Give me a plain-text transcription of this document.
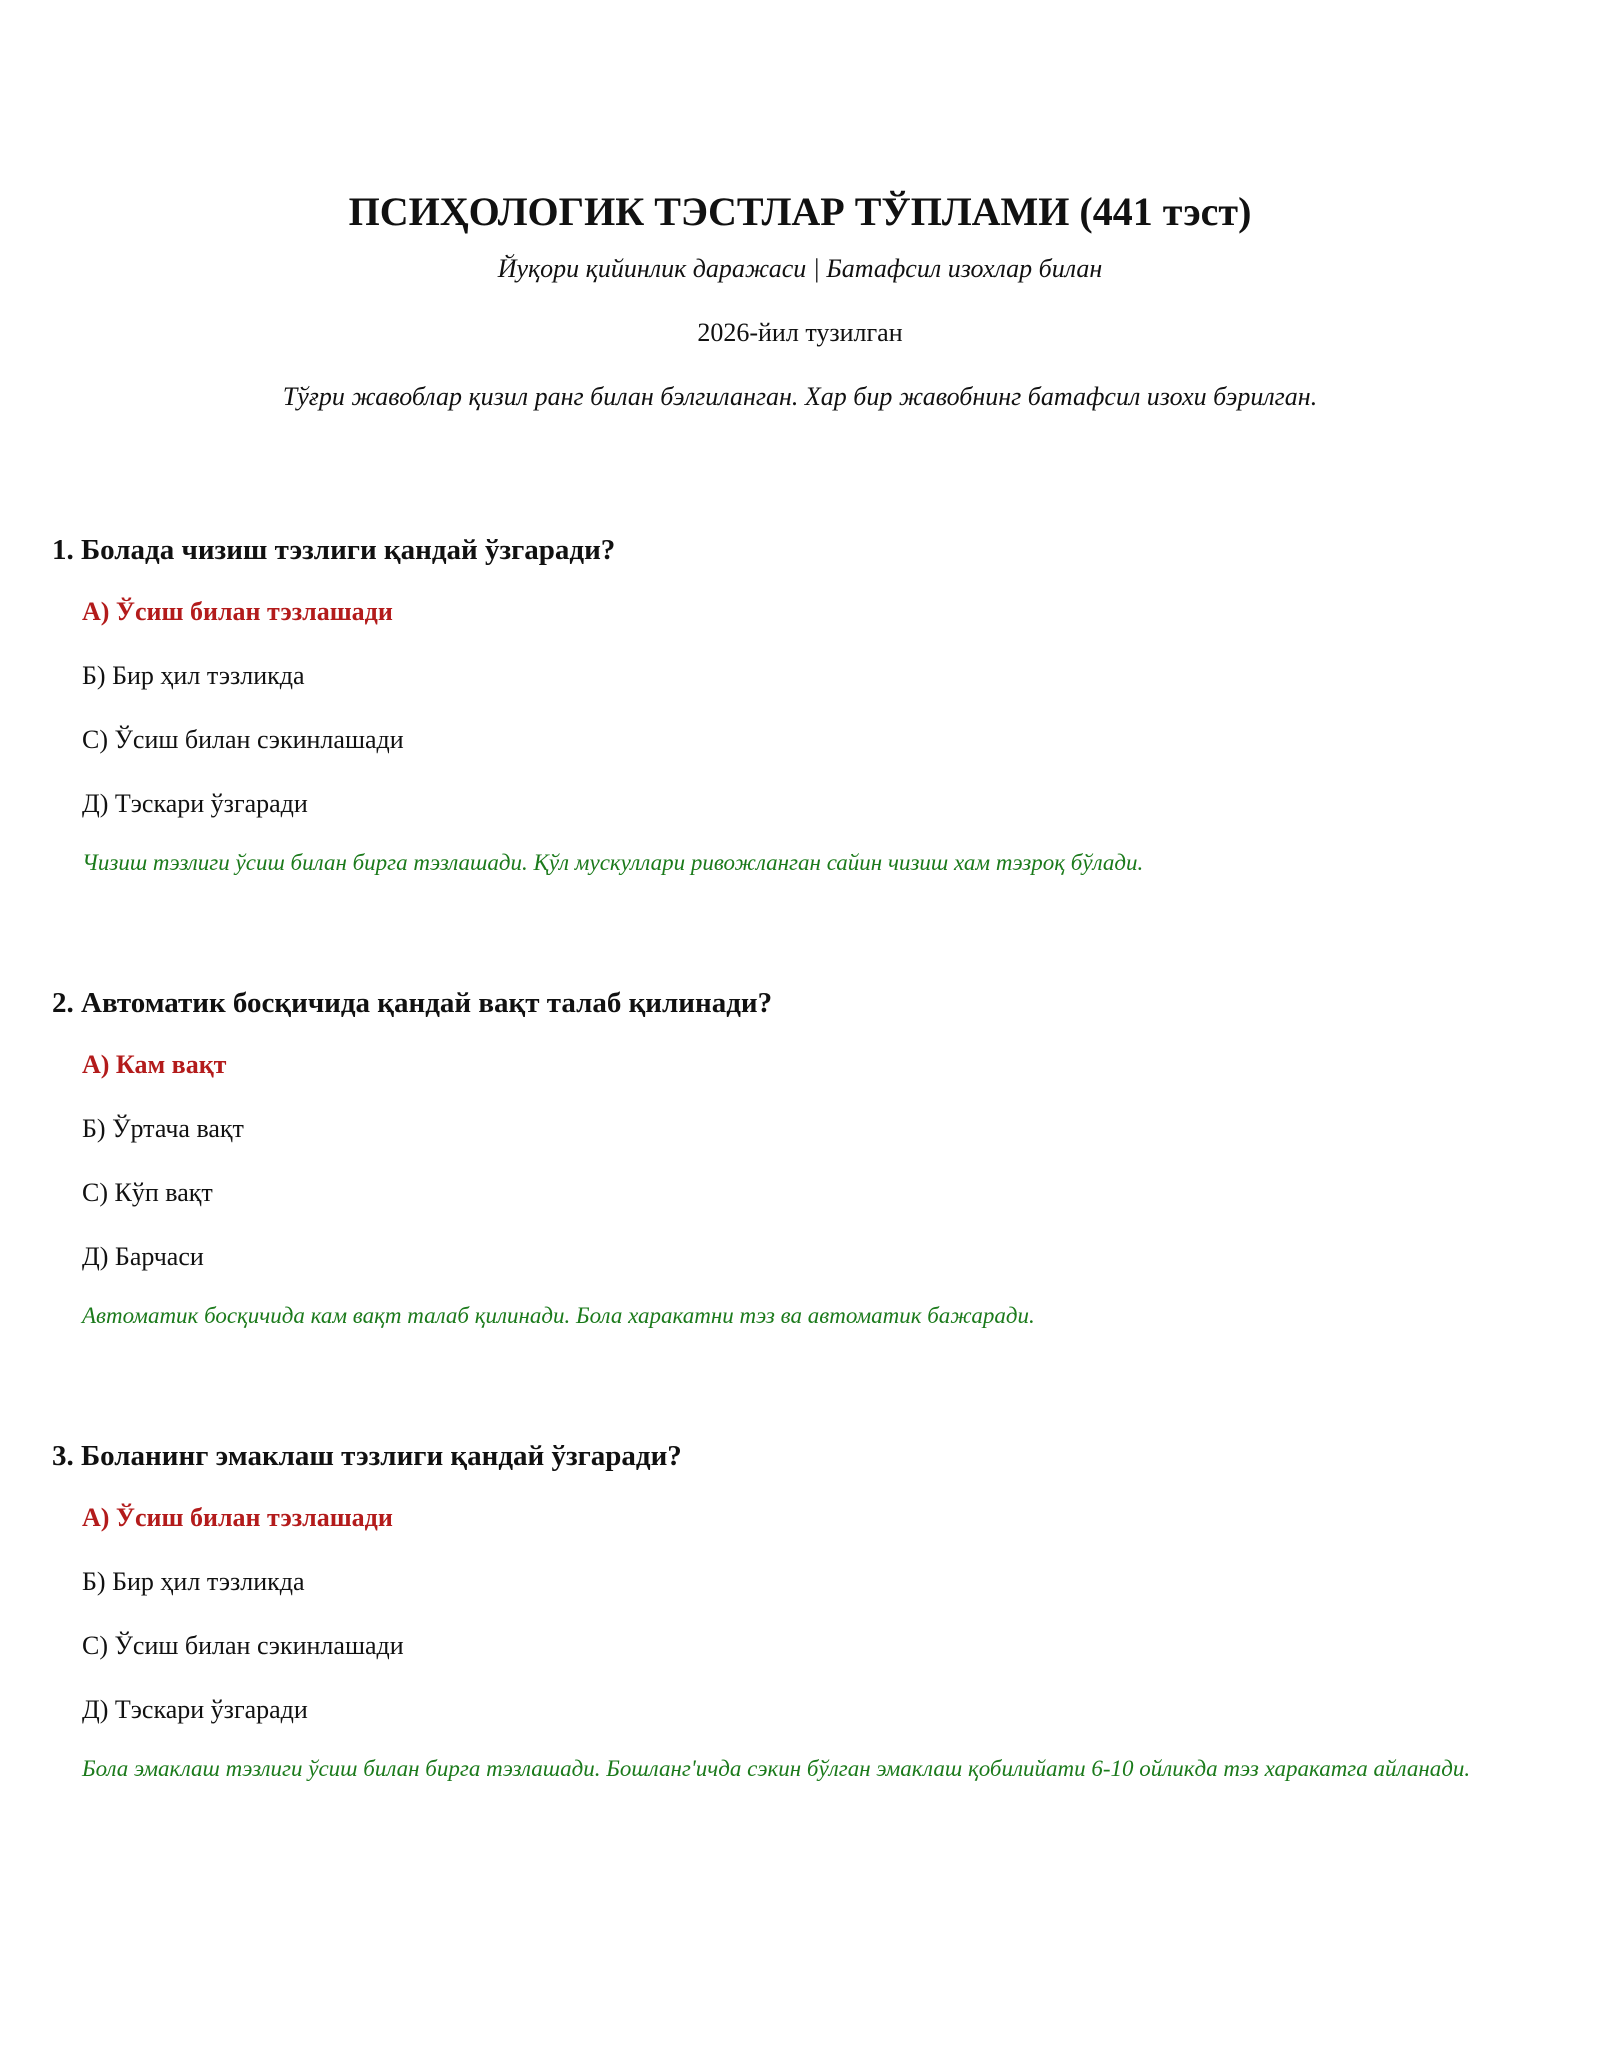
ПСИҲОЛОГИК ТЭСТЛАР ТЎПЛАМИ (441 тэст)

Йуқори қийинлик даражаси | Батафсил изохлар билан

2026-йил тузилган

Тўғри жавоблар қизил ранг билан бэлгиланган. Хар бир жавобнинг батафсил изохи бэрилган.

1. Болада чизиш тэзлиги қандай ўзгаради?

А) Ўсиш билан тэзлашади

Б) Бир ҳил тэзликда

С) Ўсиш билан сэкинлашади

Д) Тэскари ўзгаради

Чизиш тэзлиги ўсиш билан бирга тэзлашади. Қўл мускуллари ривожланган сайин чизиш хам тэзроқ бўлади.

2. Автоматик босқичида қандай вақт талаб қилинади?

А) Кам вақт

Б) Ўртача вақт

С) Кўп вақт

Д) Барчаси

Автоматик босқичида кам вақт талаб қилинади. Бола харакатни тэз ва автоматик бажаради.

3. Боланинг эмаклаш тэзлиги қандай ўзгаради?

А) Ўсиш билан тэзлашади

Б) Бир ҳил тэзликда

С) Ўсиш билан сэкинлашади

Д) Тэскари ўзгаради

Бола эмаклаш тэзлиги ўсиш билан бирга тэзлашади. Бошланг'ичда сэкин бўлган эмаклаш қобилийати 6-10 ойликда тэз харакатга айланади.
